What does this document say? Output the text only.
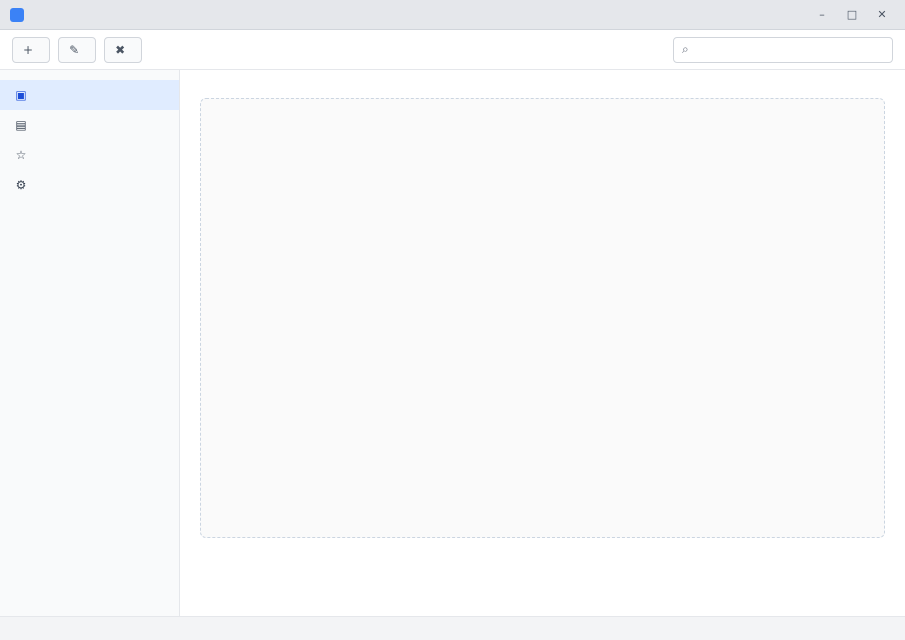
– □ ✕
+	✎	✖	⌕
▣
▤
☆
⚙
